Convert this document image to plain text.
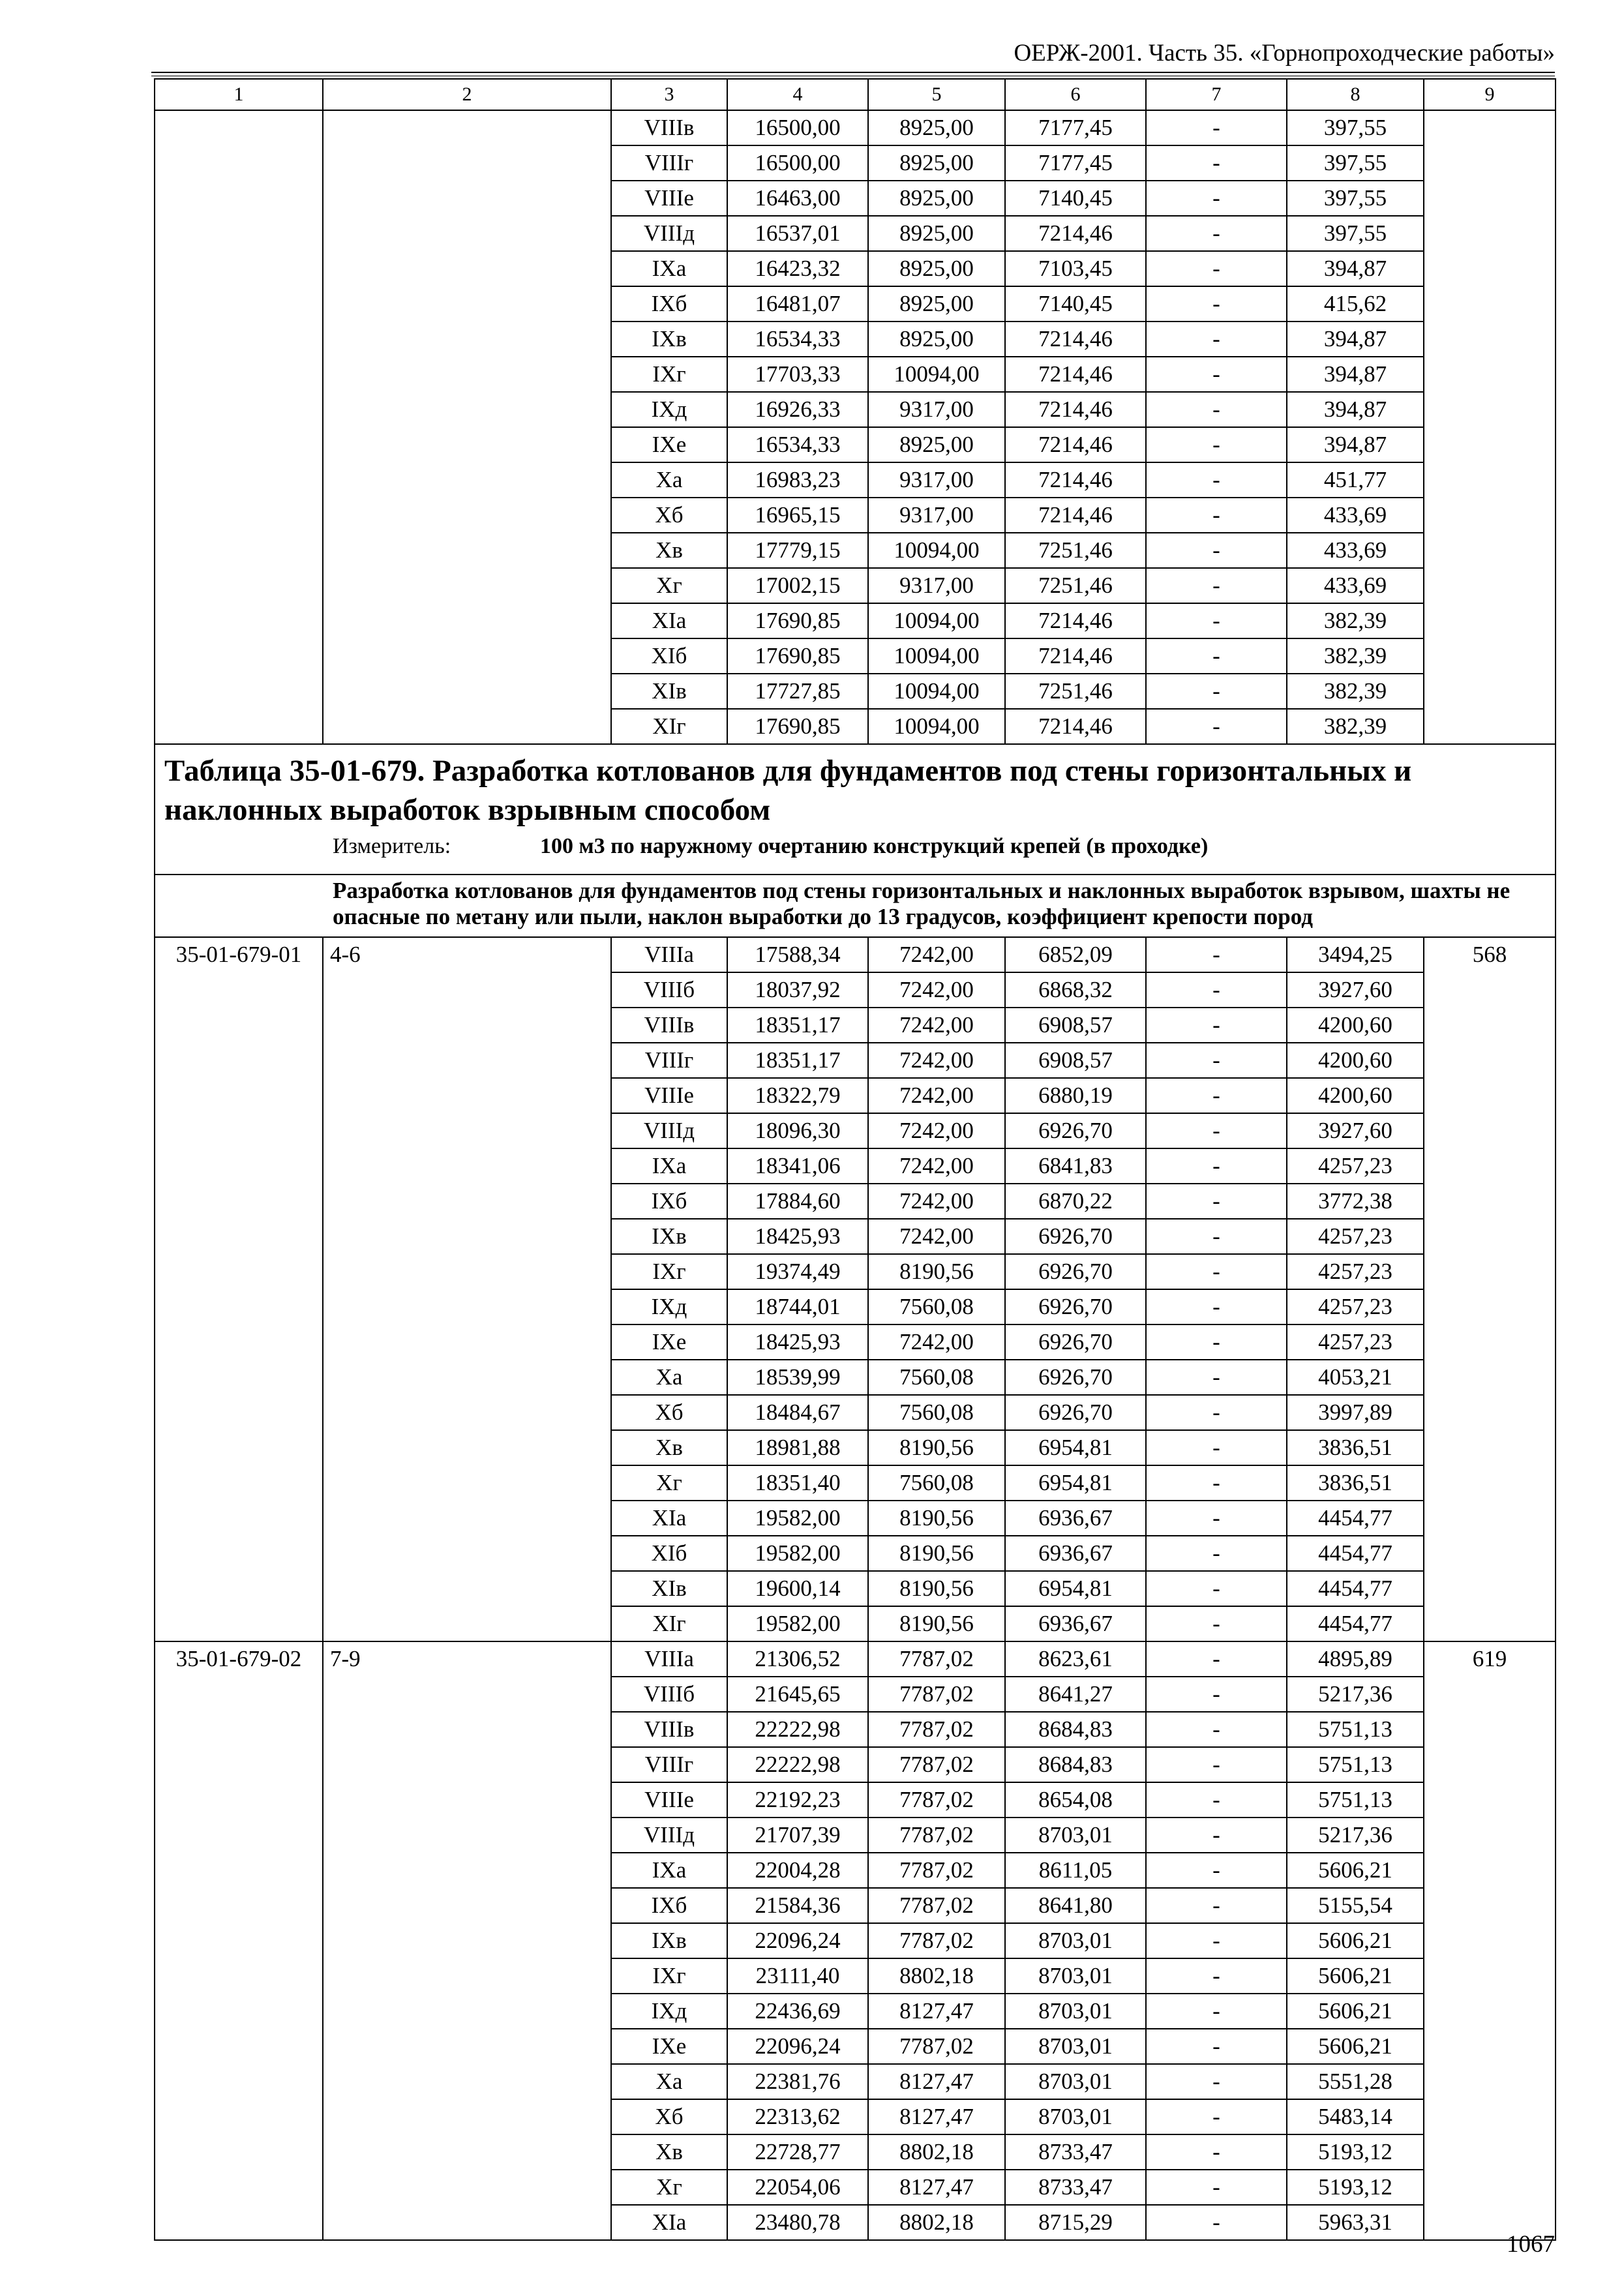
ОЕРЖ-2001. Часть 35. «Горнопроходческие работы»
1	2	3	4	5	6	7	8	9
		VIIIв	16500,00	8925,00	7177,45	-	397,55	
		VIIIг	16500,00	8925,00	7177,45	-	397,55	
		VIIIе	16463,00	8925,00	7140,45	-	397,55	
		VIIIд	16537,01	8925,00	7214,46	-	397,55	
		IXа	16423,32	8925,00	7103,45	-	394,87	
		IXб	16481,07	8925,00	7140,45	-	415,62	
		IXв	16534,33	8925,00	7214,46	-	394,87	
		IXг	17703,33	10094,00	7214,46	-	394,87	
		IXд	16926,33	9317,00	7214,46	-	394,87	
		IXе	16534,33	8925,00	7214,46	-	394,87	
		Xа	16983,23	9317,00	7214,46	-	451,77	
		Xб	16965,15	9317,00	7214,46	-	433,69	
		Xв	17779,15	10094,00	7251,46	-	433,69	
		Xг	17002,15	9317,00	7251,46	-	433,69	
		XIа	17690,85	10094,00	7214,46	-	382,39	
		XIб	17690,85	10094,00	7214,46	-	382,39	
		XIв	17727,85	10094,00	7251,46	-	382,39	
		XIг	17690,85	10094,00	7214,46	-	382,39	

Таблица 35-01-679. Разработка котлованов для фундаментов под стены горизонтальных и наклонных выработок взрывным способом
Измеритель: 100 м3 по наружному очертанию конструкций крепей (в проходке)								

Разработка котлованов для фундаментов под стены горизонтальных и наклонных выработок взрывом, шахты не опасные по метану или пыли, наклон выработки до 13 градусов, коэффициент крепости пород								
35-01-679-01	4-6	VIIIа	17588,34	7242,00	6852,09	-	3494,25	568
		VIIIб	18037,92	7242,00	6868,32	-	3927,60	
		VIIIв	18351,17	7242,00	6908,57	-	4200,60	
		VIIIг	18351,17	7242,00	6908,57	-	4200,60	
		VIIIе	18322,79	7242,00	6880,19	-	4200,60	
		VIIIд	18096,30	7242,00	6926,70	-	3927,60	
		IXа	18341,06	7242,00	6841,83	-	4257,23	
		IXб	17884,60	7242,00	6870,22	-	3772,38	
		IXв	18425,93	7242,00	6926,70	-	4257,23	
		IXг	19374,49	8190,56	6926,70	-	4257,23	
		IXд	18744,01	7560,08	6926,70	-	4257,23	
		IXе	18425,93	7242,00	6926,70	-	4257,23	
		Xа	18539,99	7560,08	6926,70	-	4053,21	
		Xб	18484,67	7560,08	6926,70	-	3997,89	
		Xв	18981,88	8190,56	6954,81	-	3836,51	
		Xг	18351,40	7560,08	6954,81	-	3836,51	
		XIа	19582,00	8190,56	6936,67	-	4454,77	
		XIб	19582,00	8190,56	6936,67	-	4454,77	
		XIв	19600,14	8190,56	6954,81	-	4454,77	
		XIг	19582,00	8190,56	6936,67	-	4454,77	
35-01-679-02	7-9	VIIIа	21306,52	7787,02	8623,61	-	4895,89	619
		VIIIб	21645,65	7787,02	8641,27	-	5217,36	
		VIIIв	22222,98	7787,02	8684,83	-	5751,13	
		VIIIг	22222,98	7787,02	8684,83	-	5751,13	
		VIIIе	22192,23	7787,02	8654,08	-	5751,13	
		VIIIд	21707,39	7787,02	8703,01	-	5217,36	
		IXа	22004,28	7787,02	8611,05	-	5606,21	
		IXб	21584,36	7787,02	8641,80	-	5155,54	
		IXв	22096,24	7787,02	8703,01	-	5606,21	
		IXг	23111,40	8802,18	8703,01	-	5606,21	
		IXд	22436,69	8127,47	8703,01	-	5606,21	
		IXе	22096,24	7787,02	8703,01	-	5606,21	
		Xа	22381,76	8127,47	8703,01	-	5551,28	
		Xб	22313,62	8127,47	8703,01	-	5483,14	
		Xв	22728,77	8802,18	8733,47	-	5193,12	
		Xг	22054,06	8127,47	8733,47	-	5193,12	
		XIа	23480,78	8802,18	8715,29	-	5963,31	
1067
